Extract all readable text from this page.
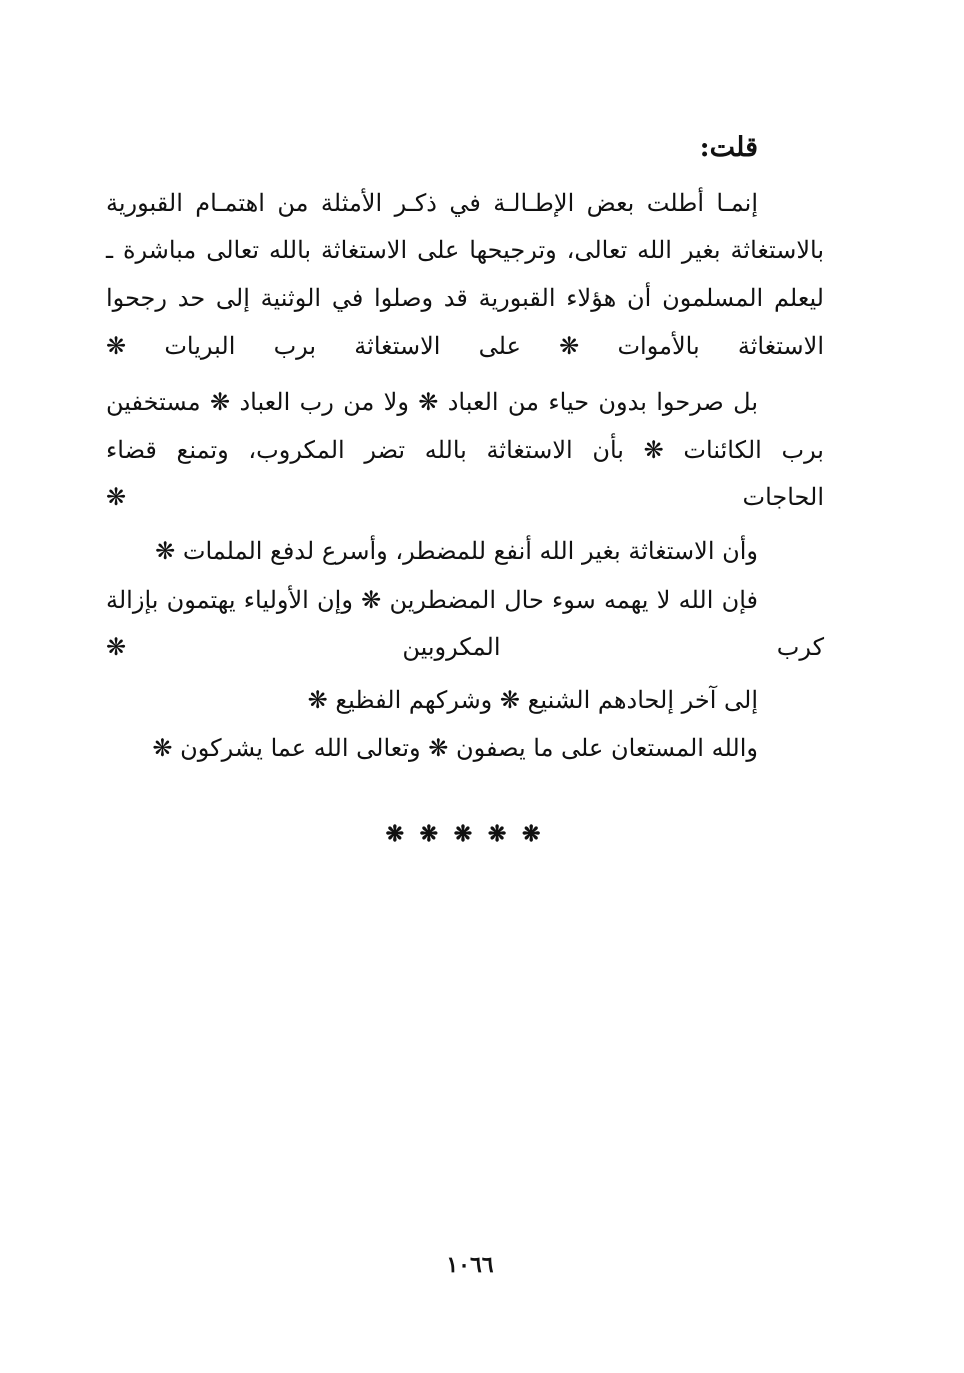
قلت:
إنمـا أطلت بعض الإطـالـة في ذكـر الأمثلة من اهتمـام القبورية
بالاستغاثة بغير الله تعالى، وترجيحها على الاستغاثة بالله تعالى مباشرة ـ
ليعلم المسلمون أن هؤلاء القبورية قد وصلوا في الوثنية إلى حد رجحوا
الاستغاثة بالأموات ❋ على الاستغاثة برب البريات ❋
بل صرحوا بدون حياء من العباد ❋ ولا من رب العباد ❋ مستخفين
برب الكائنات ❋ بأن الاستغاثة بالله تضر المكروب، وتمنع قضاء
الحاجات ❋
وأن الاستغاثة بغير الله أنفع للمضطر، وأسرع لدفع الملمات ❋
فإن الله لا يهمه سوء حال المضطرين ❋ وإن الأولياء يهتمون بإزالة
كرب المكروبين ❋
إلى آخر إلحادهم الشنيع ❋ وشركهم الفظيع ❋
والله المستعان على ما يصفون ❋ وتعالى الله عما يشركون ❋
❋ ❋ ❋ ❋ ❋
١٠٦٦
